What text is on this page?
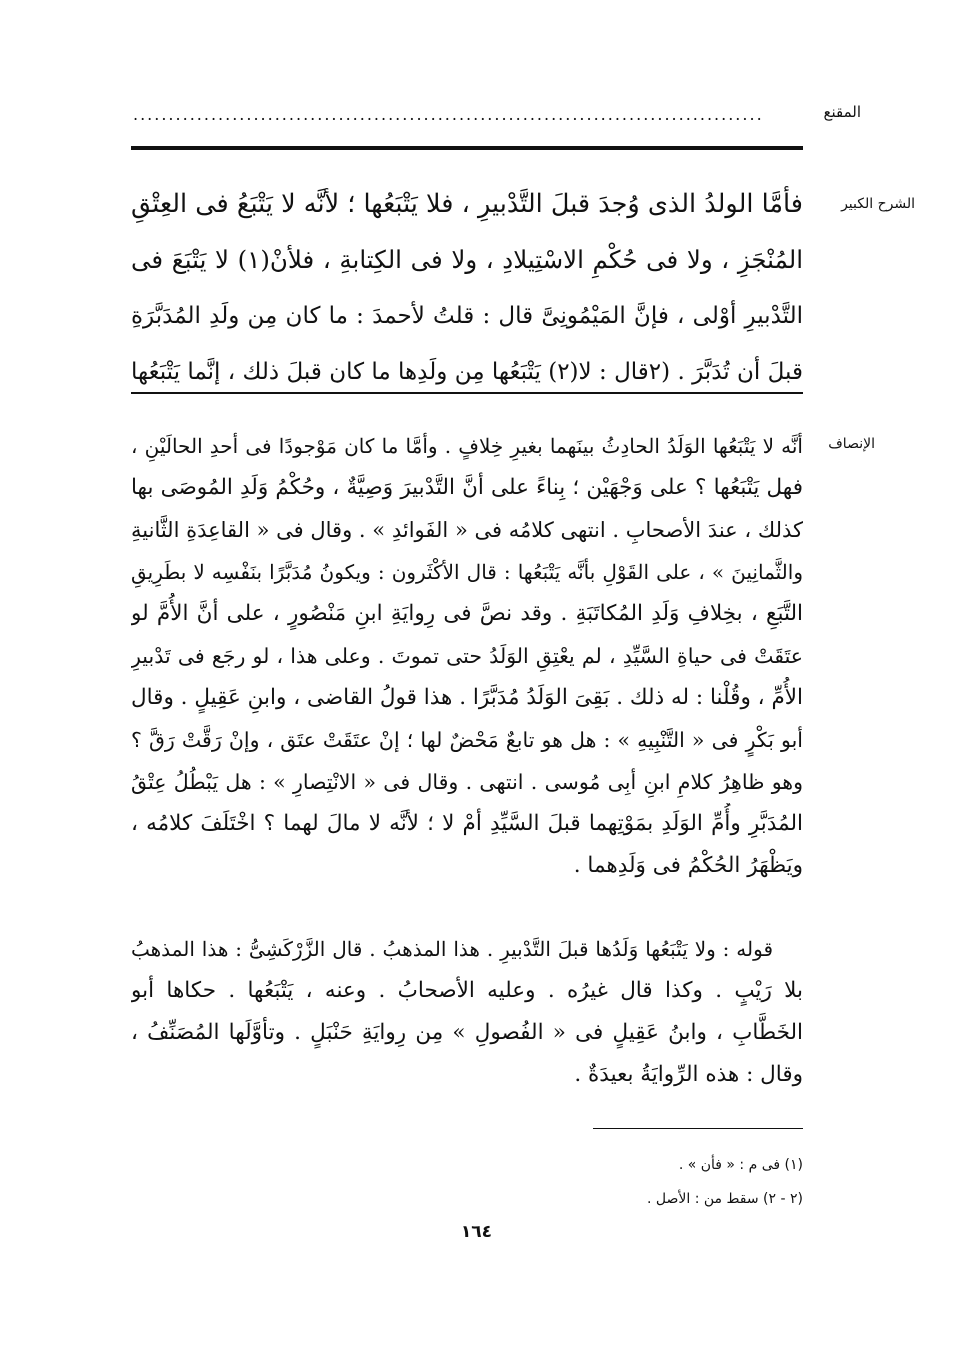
المقنع
.........................................................................................
الشرح الكبير
فأمَّا الولدُ الذى وُجدَ قبلَ التَّدْبيرِ ، فلا يَتْبَعُها ؛ لأنَّه لا يَتْبَعُ فى العِتْقِ
المُنْجَزِ ، ولا فى حُكْمِ الاسْتِيلادِ ، ولا فى الكِتابةِ ، فلأنْ(١) لا يَتْبَعَ فى
التَّدْبيرِ أوْلى ، فإنَّ المَيْمُونِىَّ قال : قلتُ لأحمدَ : ما كان مِن ولَدِ المُدَبَّرَةِ
قبلَ أن تُدَبَّرَ . (٢قال : لا(٢) يَتْبَعُها مِن ولَدِها ما كان قبلَ ذلك ، إنَّما يَتْبَعُها
الإنصاف
أنَّه لا يَتْبَعُها الوَلَدُ الحادِثُ بينَهما بغيرِ خِلافٍ . وأمَّا ما كان مَوْجودًا فى أحدِ الحالَيْنِ ،
فهل يَتْبَعُها ؟ على وَجْهَيْن ؛ بِناءً على أنَّ التَّدْبيرَ وَصِيَّةٌ ، وحُكْمُ وَلَدِ المُوصَى بها
كذلك ، عندَ الأصحابِ . انتهى كلامُه فى « الفَوائدِ » . وقال فى « القاعِدَةِ الثَّانيةِ
والثَّمانِينَ » ، على القَوْلِ بأنَّه يَتْبَعُها : قال الأكْثَرون : ويكونُ مُدَبَّرًا بنَفْسِه لا بطَرِيقِ
التَّبَعِ ، بخِلافِ وَلَدِ المُكاتَبَةِ . وقد نصَّ فى رِوايَةِ ابنِ مَنْصُورٍ ، على أنَّ الأُمَّ لو
عتَقَتْ فى حياةِ السَّيِّدِ ، لم يعْتِقِ الوَلَدُ حتى تموتَ . وعلى هذا ، لو رجَع فى تَدْبيرِ
الأُمِّ ، وقُلْنا : له ذلك . بَقِىَ الوَلَدُ مُدَبَّرًا . هذا قولُ القاضى ، وابنِ عَقِيلٍ . وقال
أبو بَكْرٍ فى « التَّنْبِيهِ » : هل هو تابعٌ مَحْضٌ لها ؛ إنْ عتَقَتْ عتَق ، وإنْ رَقَّتْ رَقَّ ؟
وهو ظاهِرُ كلامِ ابنِ أبِى مُوسى . انتهى . وقال فى « الانْتِصارِ » : هل يَبْطُلُ عِتْقُ
المُدَبَّرِ وأُمِّ الوَلَدِ بمَوْتِهما قبلَ السَّيِّدِ أمْ لا ؛ لأنَّه لا مالَ لهما ؟ اخْتَلَفَ كلامُه ،
ويَظْهَرُ الحُكْمُ فى وَلَدِهما .
قوله : ولا يَتْبَعُها وَلَدُها قبلَ التَّدْبيرِ . هذا المذهبُ . قال الزَّرْكَشِىُّ : هذا المذهبُ
بلا رَيْبٍ . وكذا قال غيرُه . وعليه الأصحابُ . وعنه ، يَتْبَعُها . حكاها أبو
الخَطَّابِ ، وابنُ عَقِيلٍ فى « الفُصولِ » مِن رِوايَةِ حَنْبَلٍ . وتأوَّلَها المُصَنِّفُ ،
وقال : هذه الرِّوايَةُ بعيدَةٌ .
(١) فى م : « فأن » .
(٢ - ٢) سقط من : الأصل .
١٦٤
